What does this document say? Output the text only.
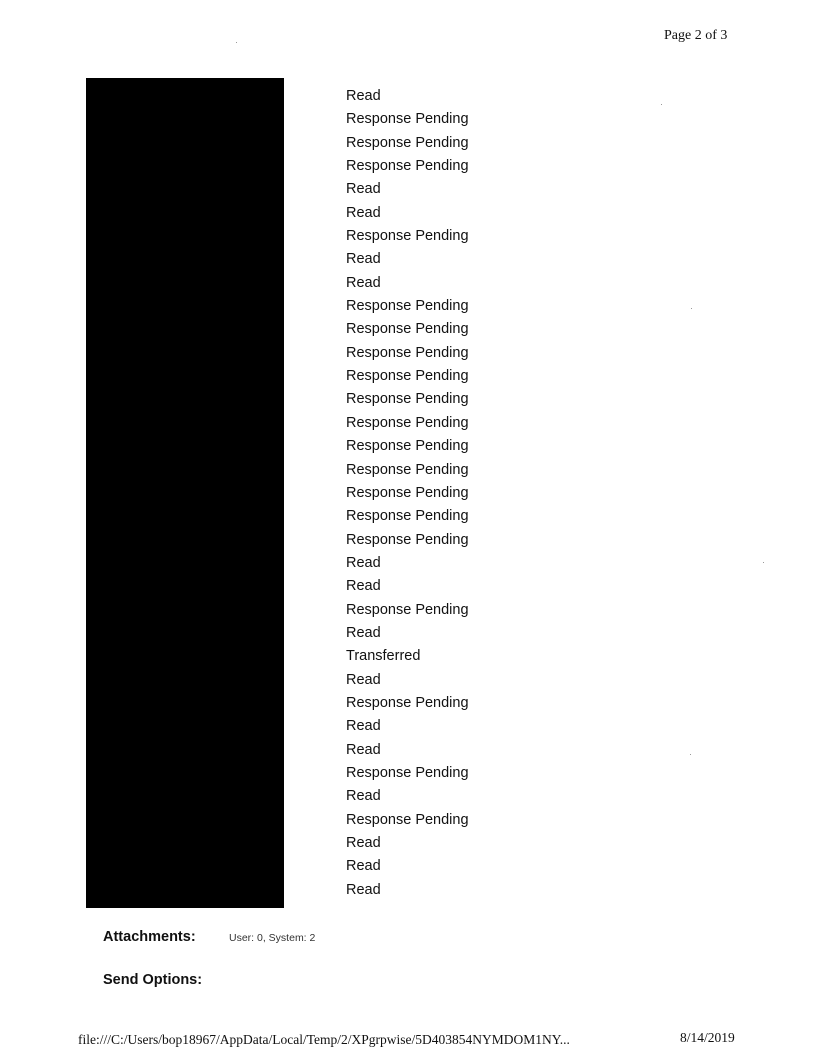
Page 2 of 3
Read
Response Pending
Response Pending
Response Pending
Read
Read
Response Pending
Read
Read
Response Pending
Response Pending
Response Pending
Response Pending
Response Pending
Response Pending
Response Pending
Response Pending
Response Pending
Response Pending
Response Pending
Read
Read
Response Pending
Read
Transferred
Read
Response Pending
Read
Read
Response Pending
Read
Response Pending
Read
Read
Read
Attachments:	User: 0, System: 2
Send Options:
file:///C:/Users/bop18967/AppData/Local/Temp/2/XPgrpwise/5D403854NYMDOM1NY...	8/14/2019
